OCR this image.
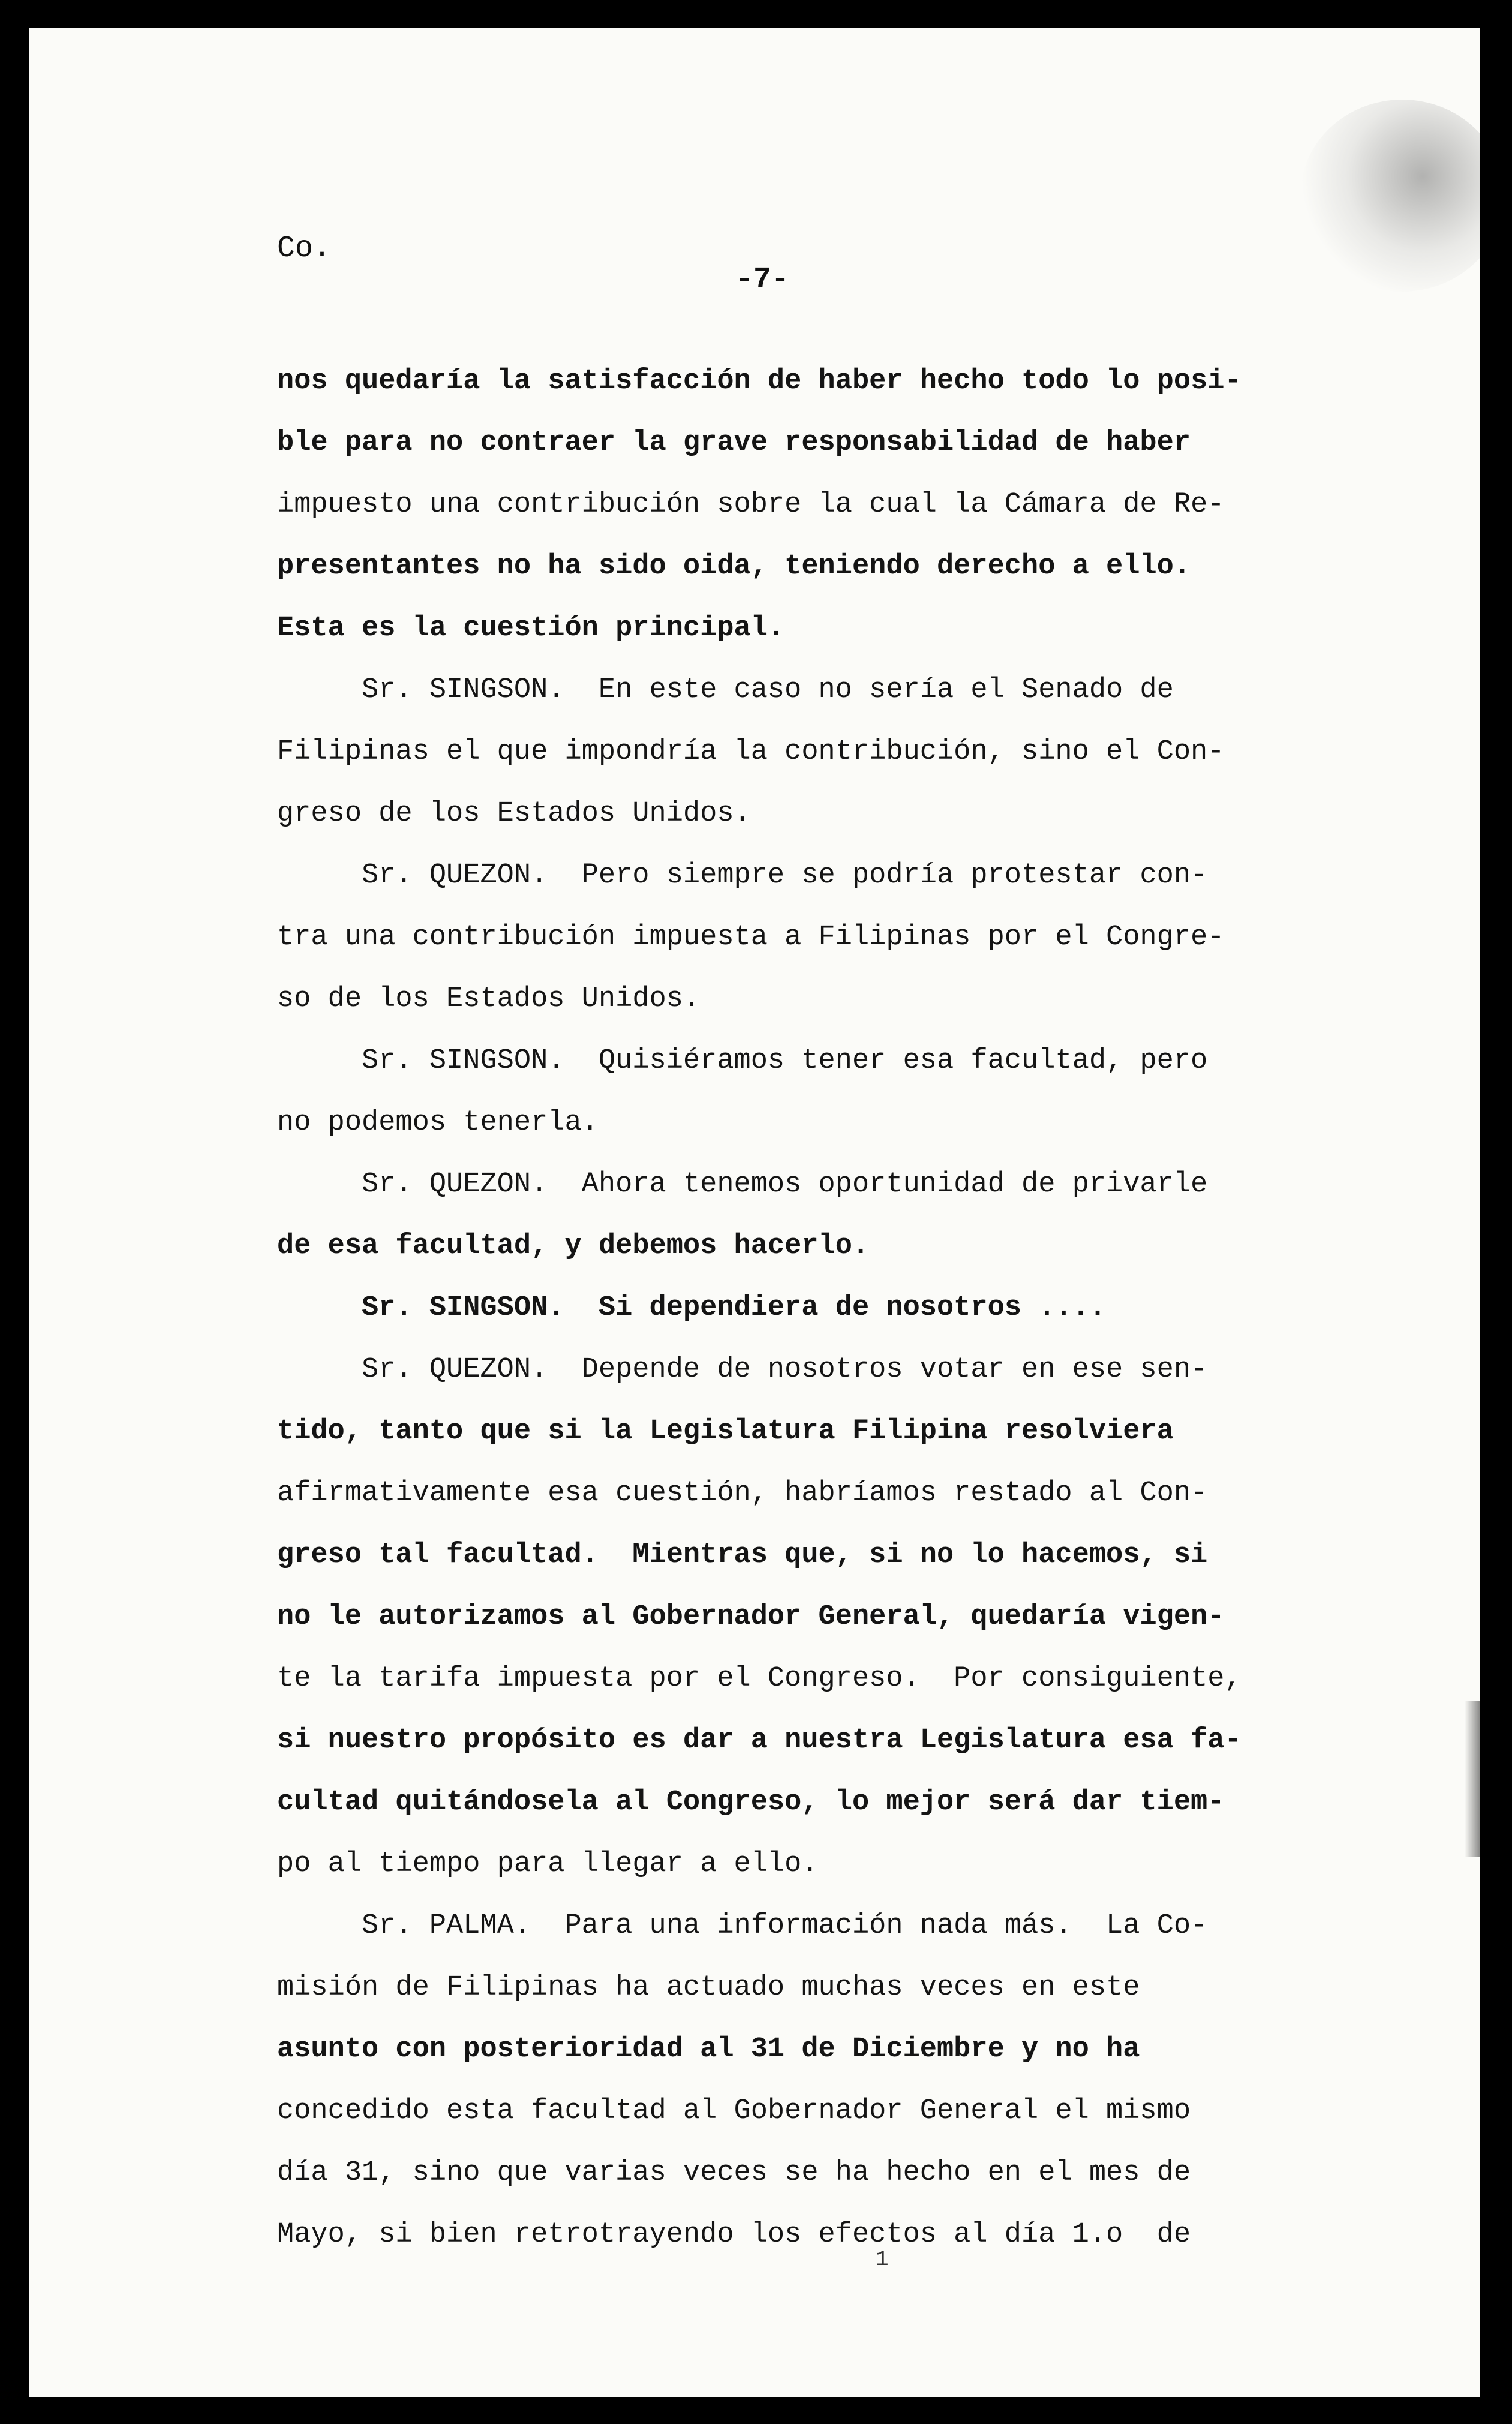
Co.
-7-
nos quedaría la satisfacción de haber hecho todo lo posi-
ble para no contraer la grave responsabilidad de haber
impuesto una contribución sobre la cual la Cámara de Re-
presentantes no ha sido oida, teniendo derecho a ello.
Esta es la cuestión principal.
Sr. SINGSON.  En este caso no sería el Senado de
Filipinas el que impondría la contribución, sino el Con-
greso de los Estados Unidos.
Sr. QUEZON.  Pero siempre se podría protestar con-
tra una contribución impuesta a Filipinas por el Congre-
so de los Estados Unidos.
Sr. SINGSON.  Quisiéramos tener esa facultad, pero
no podemos tenerla.
Sr. QUEZON.  Ahora tenemos oportunidad de privarle
de esa facultad, y debemos hacerlo.
Sr. SINGSON.  Si dependiera de nosotros ....
Sr. QUEZON.  Depende de nosotros votar en ese sen-
tido, tanto que si la Legislatura Filipina resolviera
afirmativamente esa cuestión, habríamos restado al Con-
greso tal facultad.  Mientras que, si no lo hacemos, si
no le autorizamos al Gobernador General, quedaría vigen-
te la tarifa impuesta por el Congreso.  Por consiguiente,
si nuestro propósito es dar a nuestra Legislatura esa fa-
cultad quitándosela al Congreso, lo mejor será dar tiem-
po al tiempo para llegar a ello.
Sr. PALMA.  Para una información nada más.  La Co-
misión de Filipinas ha actuado muchas veces en este
asunto con posterioridad al 31 de Diciembre y no ha
concedido esta facultad al Gobernador General el mismo
día 31, sino que varias veces se ha hecho en el mes de
Mayo, si bien retrotrayendo los efectos al día 1.o  de
1
